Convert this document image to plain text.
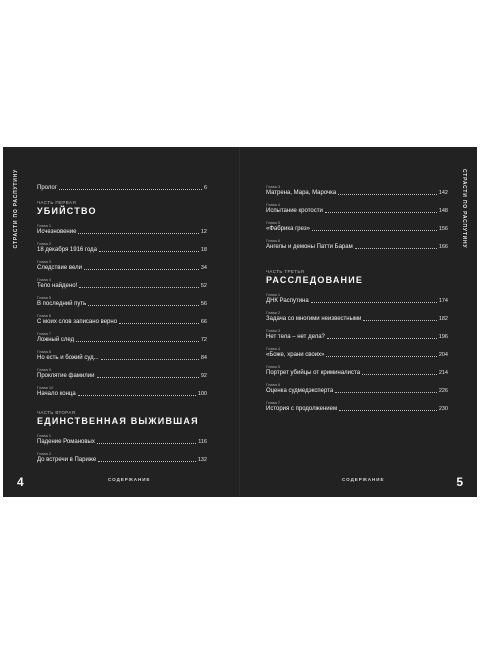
СТРАСТИ ПО РАСПУТИНУ	Пролог	6
ЧАСТЬ ПЕРВАЯ
УБИЙСТВО
Глава 1
Исчезновение	12
Глава 2
18 декабря 1916 года	18
Глава 3
Следствие вели	34
Глава 4
Тело найдено!	52
Глава 5
В последний путь	56
Глава 6
С моих слов записано верно	66
Глава 7
Ложный след	72
Глава 8
Но есть и божий суд...	84
Глава 9
Проклятие фамилии	92
Глава 10
Начало конца	100
ЧАСТЬ ВТОРАЯ
ЕДИНСТВЕННАЯ ВЫЖИВШАЯ
Глава 1
Падение Романовых	116
Глава 2
До встречи в Париже	132
4	СОДЕРЖАНИЕ
СТРАСТИ ПО РАСПУТИНУ
Глава 3
Матрена, Мара, Марочка	142
Глава 4
Испытание кротости	148
Глава 5
«Фабрика грез»	156
Глава 6
Ангелы и демоны Патти Барам	166
ЧАСТЬ ТРЕТЬЯ
РАССЛЕДОВАНИЕ
Глава 1
ДНК Распутина	174
Глава 2
Задача со многими неизвестными	182
Глава 3
Нет тела – нет дела?	196
Глава 4
«Боже, храни своих»	204
Глава 5
Портрет убийцы от криминалиста	214
Глава 6
Оценка судмедэксперта	226
Глава 7
История с продолжением	230
СОДЕРЖАНИЕ	5
